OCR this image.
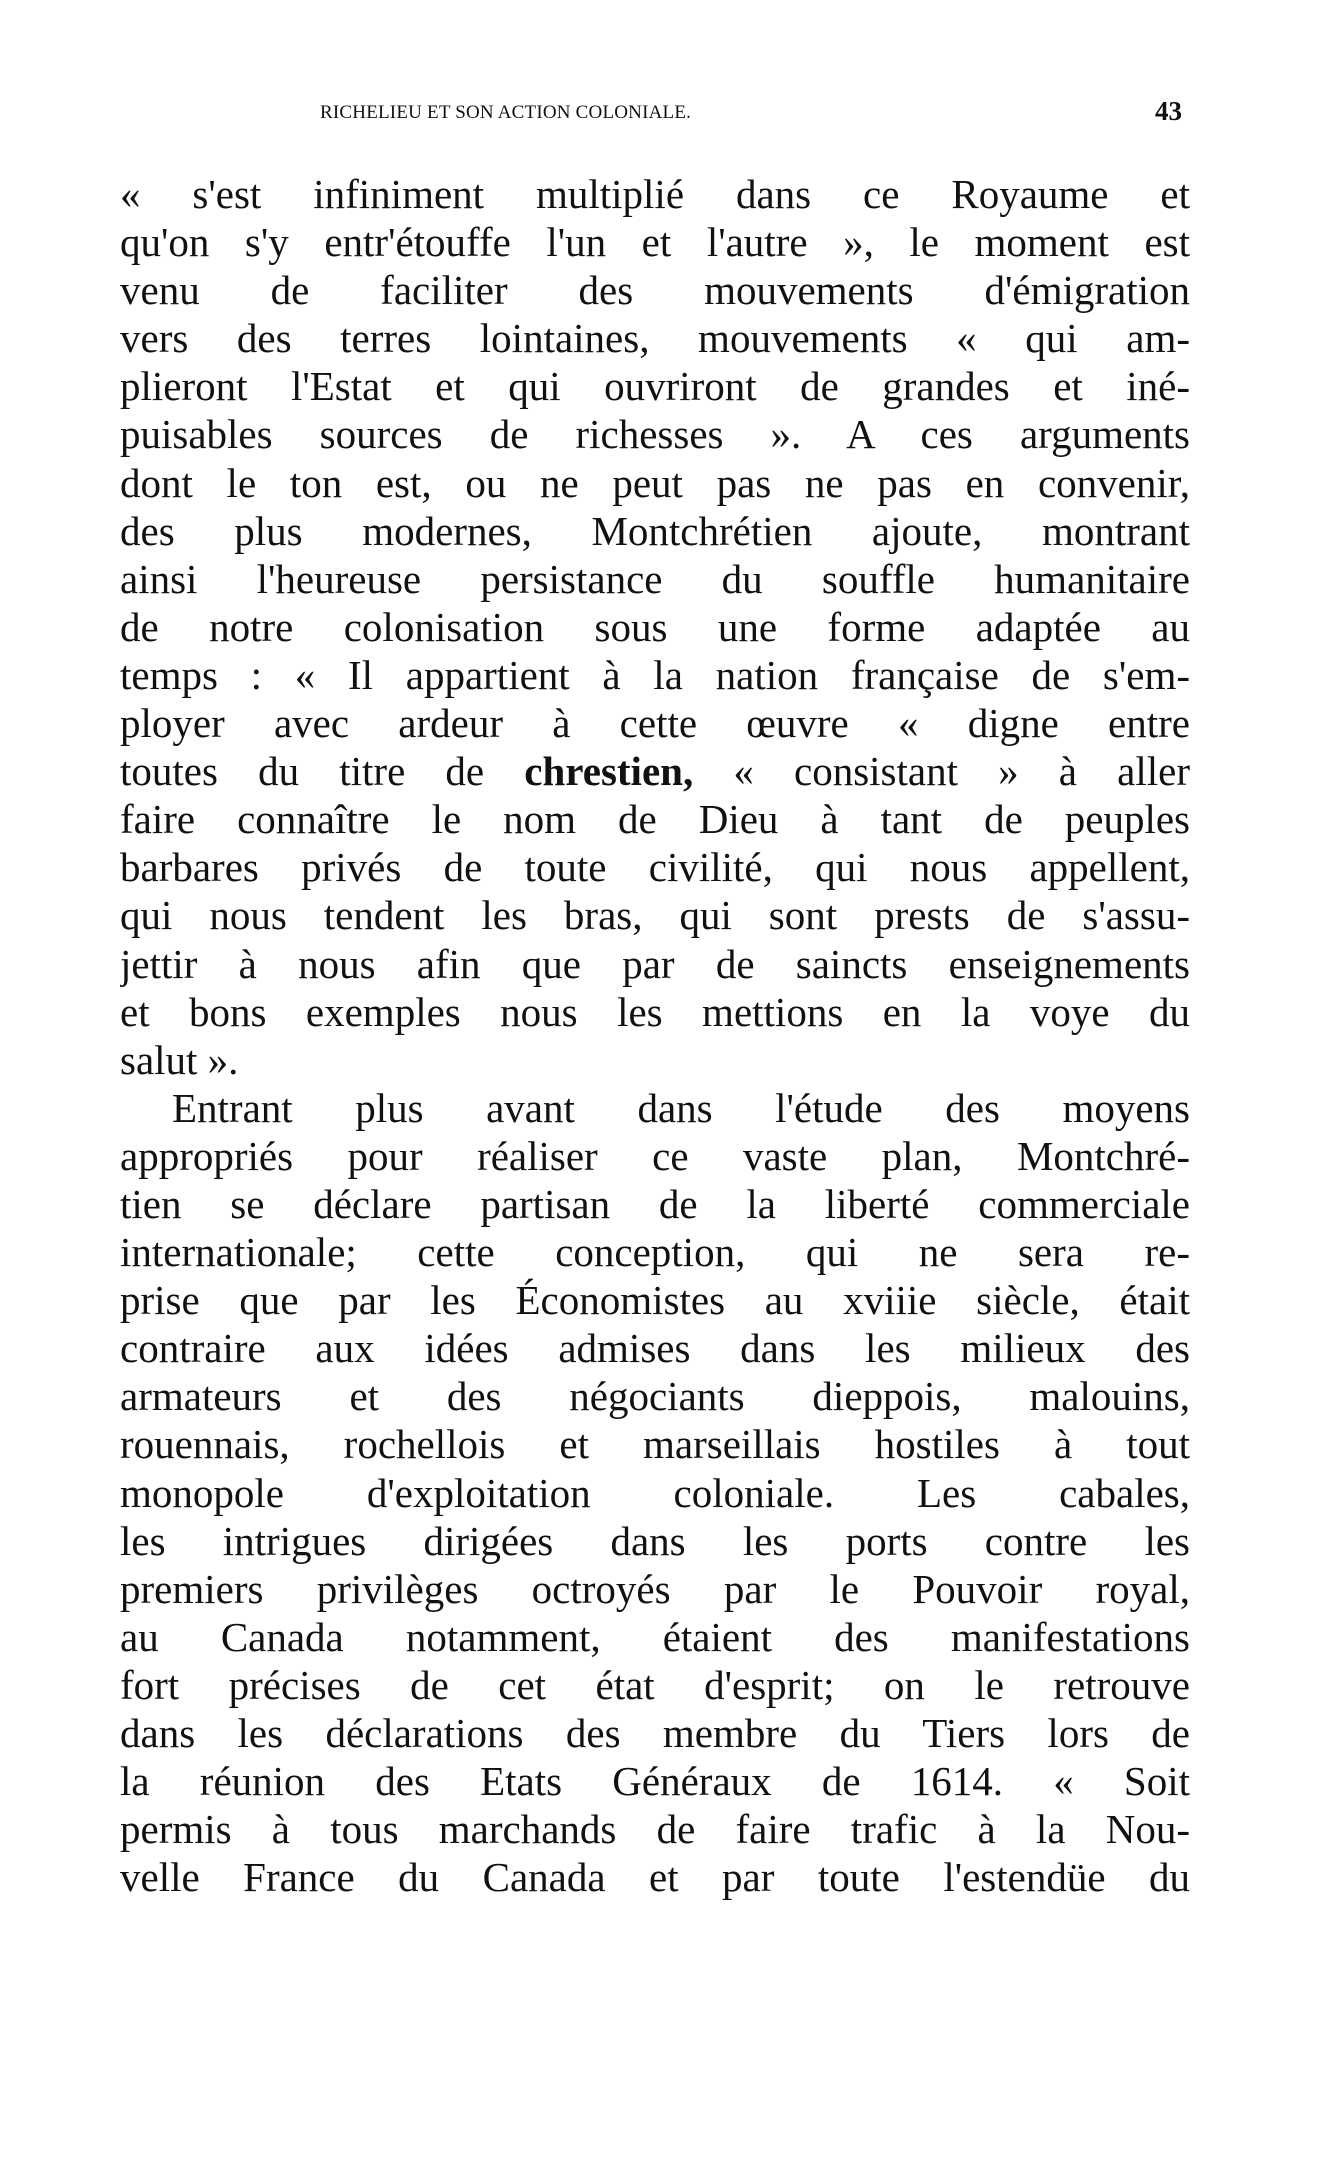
RICHELIEU ET SON ACTION COLONIALE.	43
« s'est infiniment multiplié dans ce Royaume et
qu'on s'y entr'étouffe l'un et l'autre », le moment est
venu de faciliter des mouvements d'émigration
vers des terres lointaines, mouvements « qui am-
plieront l'Estat et qui ouvriront de grandes et iné-
puisables sources de richesses ». A ces arguments
dont le ton est, ou ne peut pas ne pas en convenir,
des plus modernes, Montchrétien ajoute, montrant
ainsi l'heureuse persistance du souffle humanitaire
de notre colonisation sous une forme adaptée au
temps : « Il appartient à la nation française de s'em-
ployer avec ardeur à cette œuvre « digne entre
toutes du titre de chrestien, « consistant » à aller
faire connaître le nom de Dieu à tant de peuples
barbares privés de toute civilité, qui nous appellent,
qui nous tendent les bras, qui sont prests de s'assu-
jettir à nous afin que par de saincts enseignements
et bons exemples nous les mettions en la voye du
salut ».
Entrant plus avant dans l'étude des moyens
appropriés pour réaliser ce vaste plan, Montchré-
tien se déclare partisan de la liberté commerciale
internationale; cette conception, qui ne sera re-
prise que par les Économistes au xviiie siècle, était
contraire aux idées admises dans les milieux des
armateurs et des négociants dieppois, malouins,
rouennais, rochellois et marseillais hostiles à tout
monopole d'exploitation coloniale. Les cabales,
les intrigues dirigées dans les ports contre les
premiers privilèges octroyés par le Pouvoir royal,
au Canada notamment, étaient des manifestations
fort précises de cet état d'esprit; on le retrouve
dans les déclarations des membre du Tiers lors de
la réunion des Etats Généraux de 1614. « Soit
permis à tous marchands de faire trafic à la Nou-
velle France du Canada et par toute l'estendüe du
